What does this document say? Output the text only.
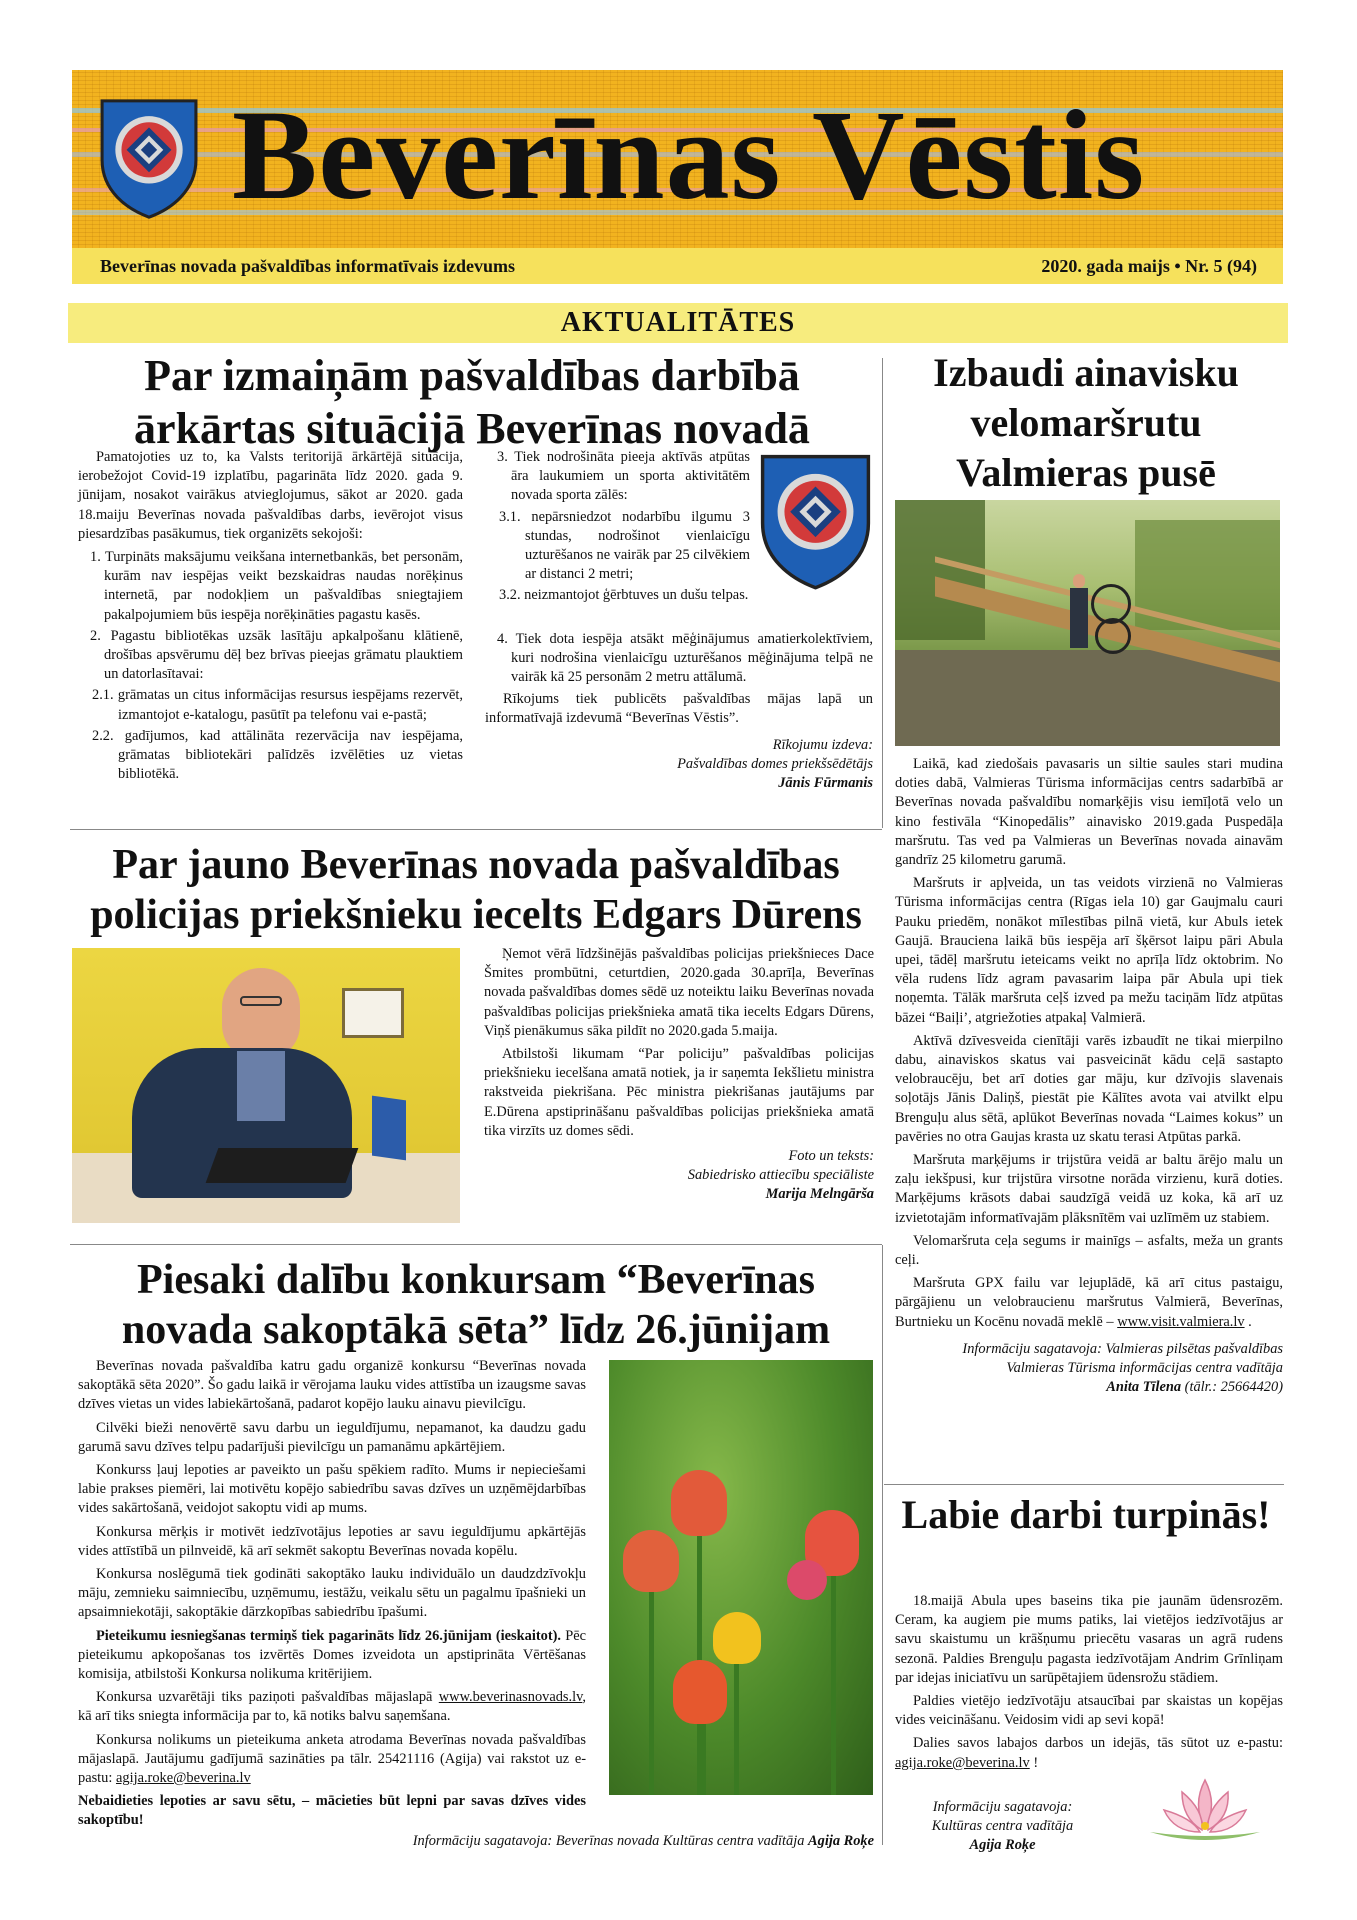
Beverīnas Vēstis
Beverīnas novada pašvaldības informatīvais izdevums	2020. gada maijs • Nr. 5 (94)
AKTUALITĀTES
Par izmaiņām pašvaldības darbībā ārkārtas situācijā Beverīnas novadā

Pamatojoties uz to, ka Valsts teritorijā ārkārtējā situācija, ierobežojot Covid-19 izplatību, pagarināta līdz 2020. gada 9. jūnijam, nosakot vairākus atvieglojumus, sākot ar 2020. gada 18.maiju Beverīnas novada pašvaldības darbs, ievērojot visus piesardzības pasākumus, tiek organizēts sekojoši:

1. Turpināts maksājumu veikšana internetbankās, bet personām, kurām nav iespējas veikt bezskaidras naudas norēķinus internetā, par nodokļiem un pašvaldības sniegtajiem pakalpojumiem būs iespēja norēķināties pagastu kasēs.
2. Pagastu bibliotēkas uzsāk lasītāju apkalpošanu klātienē, drošības apsvērumu dēļ bez brīvas pieejas grāmatu plauktiem un datorlasītavai:
2.1. grāmatas un citus informācijas resursus iespējams rezervēt, izmantojot e-katalogu, pasūtīt pa telefonu vai e-pastā;
2.2. gadījumos, kad attālināta rezervācija nav iespējama, grāmatas bibliotekāri palīdzēs izvēlēties uz vietas bibliotēkā.
3. Tiek nodrošināta pieeja aktīvās atpūtas āra laukumiem un sporta aktivitātēm novada sporta zālēs:
3.1. nepārsniedzot nodarbību ilgumu 3 stundas, nodrošinot vienlaicīgu uzturēšanos ne vairāk par 25 cilvēkiem ar distanci 2 metri;
3.2. neizmantojot ģērbtuves un dušu telpas.
4. Tiek dota iespēja atsākt mēģinājumus amatierkolektīviem, kuri nodrošina vienlaicīgu uzturēšanos mēģinājuma telpā ne vairāk kā 25 personām 2 metru attālumā.

Rīkojums tiek publicēts pašvaldības mājas lapā un informatīvajā izdevumā “Beverīnas Vēstis”.

Rīkojumu izdeva:
Pašvaldības domes priekšsēdētājs
Jānis Fūrmanis
Par jauno Beverīnas novada pašvaldības policijas priekšnieku iecelts Edgars Dūrens

Ņemot vērā līdzšinējās pašvaldības policijas priekšnieces Dace Šmites prombūtni, ceturtdien, 2020.gada 30.aprīļa, Beverīnas novada pašvaldības domes sēdē uz noteiktu laiku Beverīnas novada pašvaldības policijas priekšnieka amatā tika iecelts Edgars Dūrens, Viņš pienākumus sāka pildīt no 2020.gada 5.maija.

Atbilstoši likumam “Par policiju” pašvaldības policijas priekšnieku iecelšana amatā notiek, ja ir saņemta Iekšlietu ministra rakstveida piekrišana. Pēc ministra piekrišanas jautājums par E.Dūrena apstiprināšanu pašvaldības policijas priekšnieka amatā tika virzīts uz domes sēdi.

Foto un teksts:
Sabiedrisko attiecību speciāliste
Marija Melngārša
Piesaki dalību konkursam “Beverīnas novada sakoptākā sēta” līdz 26.jūnijam

Beverīnas novada pašvaldība katru gadu organizē konkursu “Beverīnas novada sakoptākā sēta 2020”. Šo gadu laikā ir vērojama lauku vides attīstība un izaugsme savas dzīves vietas un vides labiekārtošanā, padarot kopējo lauku ainavu pievilcīgu.

Cilvēki bieži nenovērtē savu darbu un ieguldījumu, nepamanot, ka daudzu gadu garumā savu dzīves telpu padarījuši pievilcīgu un pamanāmu apkārtējiem.

Konkurss ļauj lepoties ar paveikto un pašu spēkiem radīto. Mums ir nepieciešami labie prakses piemēri, lai motivētu kopējo sabiedrību savas dzīves un uzņēmējdarbības vides sakārtošanā, veidojot sakoptu vidi ap mums.

Konkursa mērķis ir motivēt iedzīvotājus lepoties ar savu ieguldījumu apkārtējās vides attīstībā un pilnveidē, kā arī sekmēt sakoptu Beverīnas novada kopēlu.

Konkursa noslēgumā tiek godināti sakoptāko lauku individuālo un daudzdzīvokļu māju, zemnieku saimniecību, uzņēmumu, iestāžu, veikalu sētu un pagalmu īpašnieki un apsaimniekotāji, sakoptākie dārzkopības sabiedrību īpašumi.

Pieteikumu iesniegšanas termiņš tiek pagarināts līdz 26.jūnijam (ieskaitot). Pēc pieteikumu apkopošanas tos izvērtēs Domes izveidota un apstiprināta Vērtēšanas komisija, atbilstoši Konkursa nolikuma kritērijiem.

Konkursa uzvarētāji tiks paziņoti pašvaldības mājaslapā www.beverinasnovads.lv, kā arī tiks sniegta informācija par to, kā notiks balvu saņemšana.

Konkursa nolikums un pieteikuma anketa atrodama Beverīnas novada pašvaldības mājaslapā. Jautājumu gadījumā sazināties pa tālr. 25421116 (Agija) vai rakstot uz e-pastu: agija.roke@beverina.lv

Nebaidieties lepoties ar savu sētu, – mācieties būt lepni par savas dzīves vides sakoptību!

Informāciju sagatavoja: Beverīnas novada Kultūras centra vadītāja Agija Roķe
Izbaudi ainavisku velomaršrutu Valmieras pusē

Laikā, kad ziedošais pavasaris un siltie saules stari mudina doties dabā, Valmieras Tūrisma informācijas centrs sadarbībā ar Beverīnas novada pašvaldību nomarķējis visu iemīļotā velo un kino festivāla “Kinopedālis” ainavisko 2019.gada Puspedāļa maršrutu. Tas ved pa Valmieras un Beverīnas novada ainavām gandrīz 25 kilometru garumā.

Maršruts ir apļveida, un tas veidots virzienā no Valmieras Tūrisma informācijas centra (Rīgas iela 10) gar Gaujmalu cauri Pauku priedēm, nonākot mīlestības pilnā vietā, kur Abuls ietek Gaujā. Brauciena laikā būs iespēja arī šķērsot laipu pāri Abula upei, tādēļ maršrutu ieteicams veikt no aprīļa līdz oktobrim. No vēla rudens līdz agram pavasarim laipa pār Abula upi tiek noņemta. Tālāk maršruta ceļš izved pa mežu taciņām līdz atpūtas bāzei “Baiļi’, atgriežoties atpakaļ Valmierā.

Aktīvā dzīvesveida cienītāji varēs izbaudīt ne tikai mierpilno dabu, ainaviskos skatus vai pasveicināt kādu ceļā sastapto velobraucēju, bet arī doties gar māju, kur dzīvojis slavenais soļotājs Jānis Daliņš, piestāt pie Kālītes avota vai atvilkt elpu Brenguļu alus sētā, aplūkot Beverīnas novada “Laimes kokus” un pavēries no otra Gaujas krasta uz skatu terasi Atpūtas parkā.

Maršruta marķējums ir trijstūra veidā ar baltu ārējo malu un zaļu iekšpusi, kur trijstūra virsotne norāda virzienu, kurā doties. Marķējums krāsots dabai saudzīgā veidā uz koka, kā arī uz izvietotajām informatīvajām plāksnītēm vai uzlīmēm uz stabiem.

Velomaršruta ceļa segums ir mainīgs – asfalts, meža un grants ceļi.

Maršruta GPX failu var lejuplādē, kā arī citus pastaigu, pārgājienu un velobraucienu maršrutus Valmierā, Beverīnas, Burtnieku un Kocēnu novadā meklē – www.visit.valmiera.lv .

Informāciju sagatavoja: Valmieras pilsētas pašvaldības
Valmieras Tūrisma informācijas centra vadītāja
Anita Tīlena (tālr.: 25664420)
Labie darbi turpinās!

18.maijā Abula upes baseins tika pie jaunām ūdensrozēm. Ceram, ka augiem pie mums patiks, lai vietējos iedzīvotājus ar savu skaistumu un krāšņumu priecētu vasaras un agrā rudens sezonā. Paldies Brenguļu pagasta iedzīvotājam Andrim Grīnliņam par idejas iniciatīvu un sarūpētajiem ūdensrožu stādiem.

Paldies vietējo iedzīvotāju atsaucībai par skaistas un kopējas vides veicināšanu. Veidosim vidi ap sevi kopā!

Dalies savos labajos darbos un idejās, tās sūtot uz e-pastu: agija.roke@beverina.lv !

Informāciju sagatavoja:
Kultūras centra vadītāja
Agija Roķe
